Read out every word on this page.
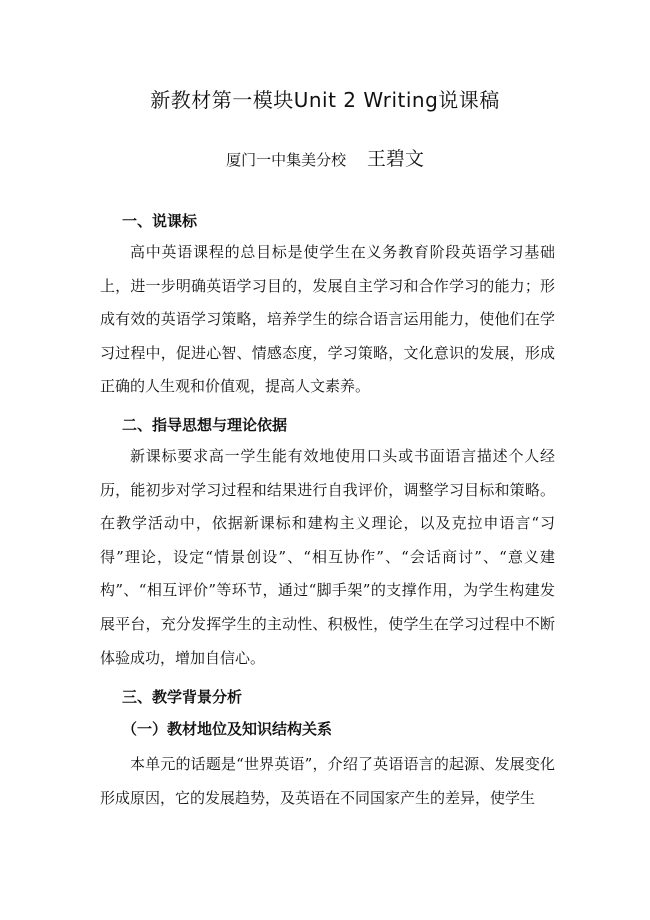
新教材第一模块Unit 2 Writing说课稿
厦门一中集美分校 王碧文
一、说课标

高中英语课程的总目标是使学生在义务教育阶段英语学习基础上，进一步明确英语学习目的，发展自主学习和合作学习的能力；形成有效的英语学习策略，培养学生的综合语言运用能力，使他们在学习过程中，促进心智、情感态度，学习策略，文化意识的发展，形成正确的人生观和价值观，提高人文素养。

二、指导思想与理论依据

新课标要求高一学生能有效地使用口头或书面语言描述个人经历，能初步对学习过程和结果进行自我评价，调整学习目标和策略。在教学活动中，依据新课标和建构主义理论，以及克拉申语言“习得”理论，设定“情景创设”、“相互协作”、“会话商讨”、“意义建构”、“相互评价”等环节，通过“脚手架”的支撑作用，为学生构建发展平台，充分发挥学生的主动性、积极性，使学生在学习过程中不断体验成功，增加自信心。

三、教学背景分析
（一）教材地位及知识结构关系

本单元的话题是“世界英语”，介绍了英语语言的起源、发展变化形成原因，它的发展趋势，及英语在不同国家产生的差异，使学生
